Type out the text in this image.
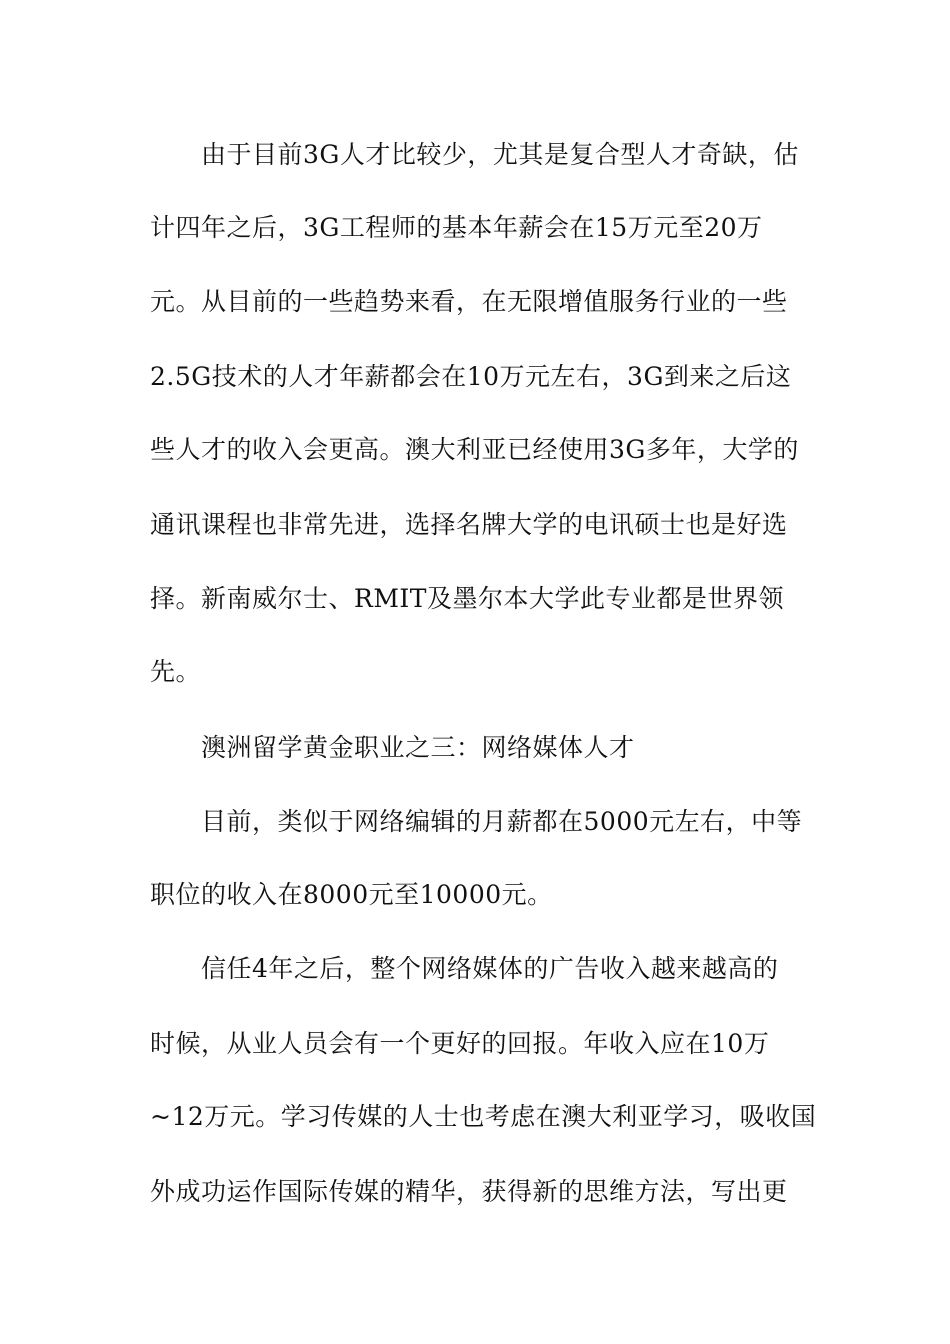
由于目前3G人才比较少，尤其是复合型人才奇缺，估
计四年之后，3G工程师的基本年薪会在15万元至20万
元。从目前的一些趋势来看，在无限增值服务行业的一些
2.5G技术的人才年薪都会在10万元左右，3G到来之后这
些人才的收入会更高。澳大利亚已经使用3G多年，大学的
通讯课程也非常先进，选择名牌大学的电讯硕士也是好选
择。新南威尔士、RMIT及墨尔本大学此专业都是世界领
先。
澳洲留学黄金职业之三：网络媒体人才
目前，类似于网络编辑的月薪都在5000元左右，中等
职位的收入在8000元至10000元。
信任4年之后，整个网络媒体的广告收入越来越高的
时候，从业人员会有一个更好的回报。年收入应在10万
~12万元。学习传媒的人士也考虑在澳大利亚学习，吸收国
外成功运作国际传媒的精华，获得新的思维方法，写出更
